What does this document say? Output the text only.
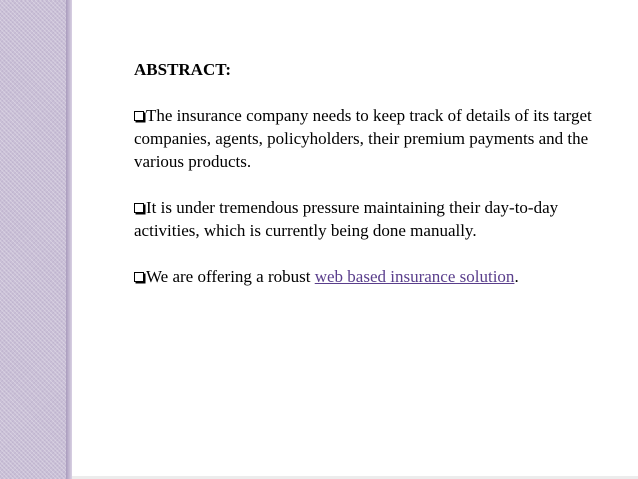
ABSTRACT:
The insurance company needs to keep track of details of its target companies, agents, policyholders, their premium payments and the various products.
It is under tremendous pressure maintaining their day-to-day activities, which is currently being done manually.
We are offering a robust web based insurance solution.
